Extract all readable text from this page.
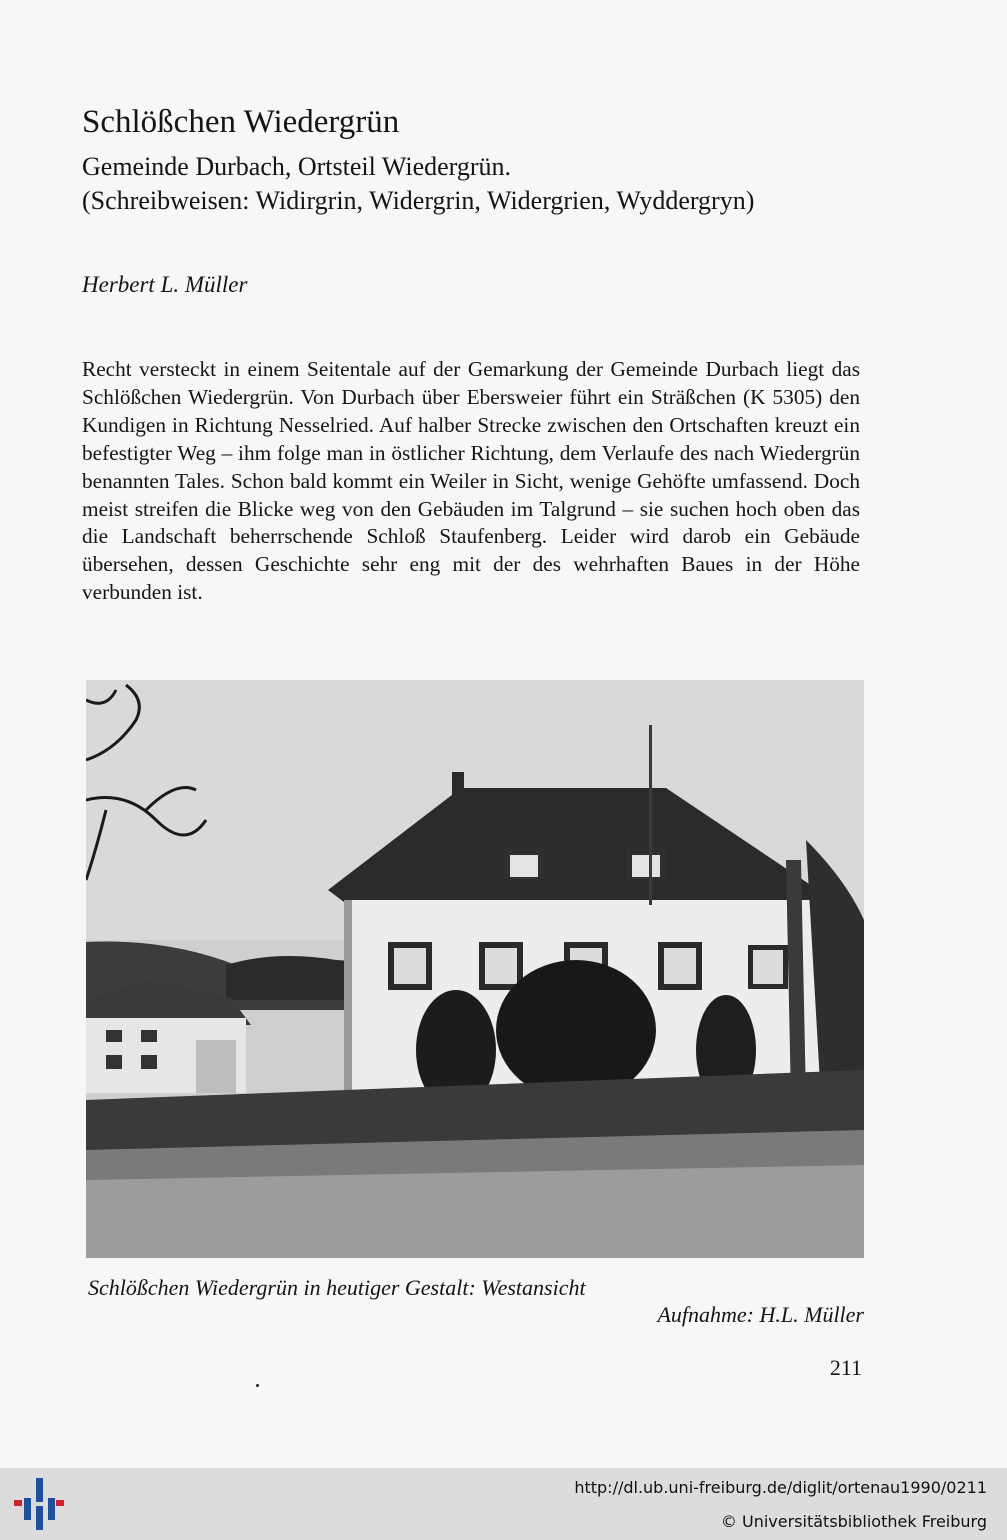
Schlößchen Wiedergrün
Gemeinde Durbach, Ortsteil Wiedergrün.
(Schreibweisen: Widirgrin, Widergrin, Widergrien, Wyddergryn)
Herbert L. Müller

Recht versteckt in einem Seitentale auf der Gemarkung der Gemeinde Durbach liegt das Schlößchen Wiedergrün. Von Durbach über Ebersweier führt ein Sträßchen (K 5305) den Kundigen in Richtung Nesselried. Auf halber Strecke zwischen den Ortschaften kreuzt ein befestigter Weg – ihm folge man in östlicher Richtung, dem Verlaufe des nach Wiedergrün benannten Tales. Schon bald kommt ein Weiler in Sicht, wenige Gehöfte umfassend. Doch meist streifen die Blicke weg von den Gebäuden im Talgrund – sie suchen hoch oben das die Landschaft beherrschende Schloß Staufenberg. Leider wird darob ein Gebäude übersehen, dessen Geschichte sehr eng mit der des wehrhaften Baues in der Höhe verbunden ist.

Schlößchen Wiedergrün in heutiger Gestalt: Westansicht
Aufnahme: H.L. Müller
211
http://dl.ub.uni-freiburg.de/diglit/ortenau1990/0211
© Universitätsbibliothek Freiburg
